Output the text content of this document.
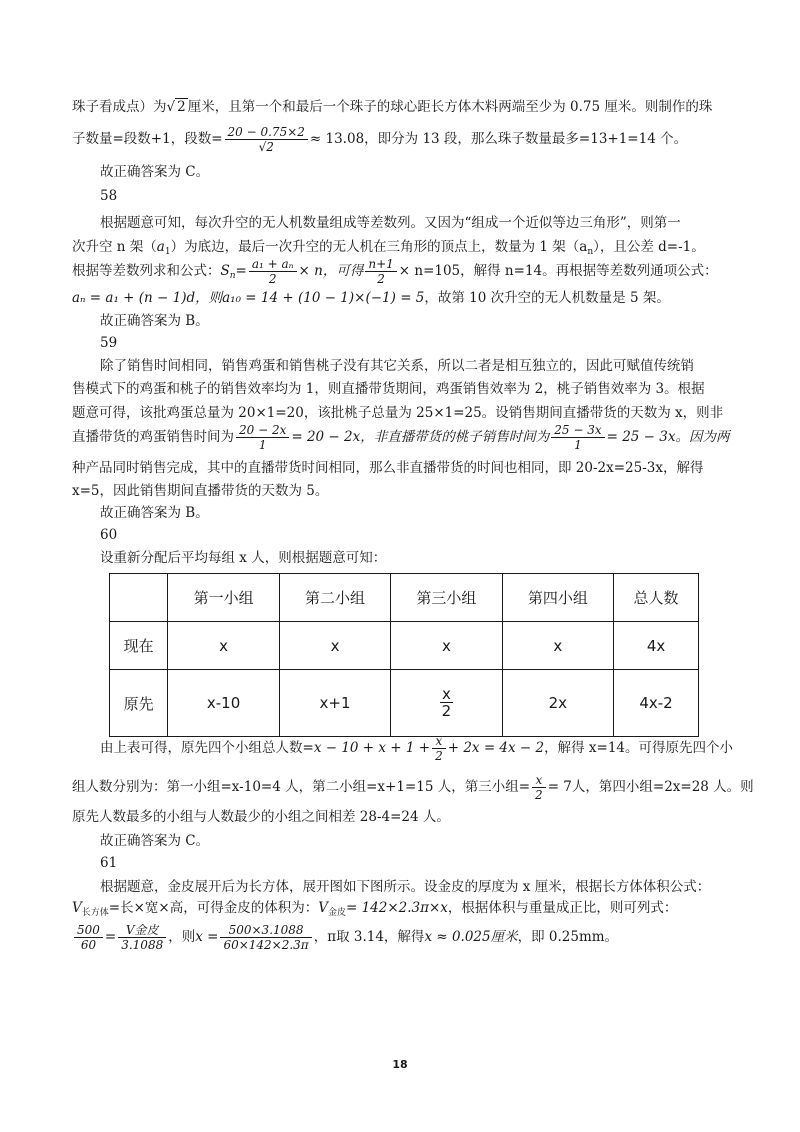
珠子看成点）为√ 2 厘米，且第一个和最后一个珠子的球心距长方体木料两端至少为 0.75 厘米。则制作的珠
子数量=段数+1，段数= $\frac{20 - 0.75\times 2}{√2} \approx 13.08$，即分为 13 段，那么珠子数量最多=13+1=14 个。
故正确答案为 C。
58
根据题意可知，每次升空的无人机数量组成等差数列。又因为“组成一个近似等边三角形”，则第一
次升空 n 架$(a_1)$为底边，最后一次升空的无人机在三角形的顶点上，数量为 1 架$(a_n)$，且公差 d=-1。
根据等差数列求和公式：$S_n= \frac{\text{a₁ + aₙ}}{2} \times n$，可得 $\frac{n+1}{2} \times n=105$，解得 n=14。再根据等差数列通项公式：
aₙ = a₁ + (n − 1)d，则a₁₀ = 14 + (10 − 1)×(−1) = 5，故第 10 次升空的无人机数量是 5 架。
故正确答案为 B。
59
除了销售时间相同，销售鸡蛋和销售桃子没有其它关系，所以二者是相互独立的，因此可赋值传统销
售模式下的鸡蛋和桃子的销售效率均为 1，则直播带货期间，鸡蛋销售效率为 2，桃子销售效率为 3。根据
题意可得，该批鸡蛋总量为 20×1=20，该批桃子总量为 25×1=25。设销售期间直播带货的天数为 x，则非
直播带货的鸡蛋销售时间为 $\frac{20 - 2x}{1} = 20 - 2x$，非直播带货的桃子销售时间为 $\frac{25 - 3x}{1} = 25 - 3x$。因为两
种产品同时销售完成，其中的直播带货时间相同，那么非直播带货的时间也相同，即 20-2x=25-3x，解得
x=5，因此销售期间直播带货的天数为 5。
故正确答案为 B。
60
设重新分配后平均每组 x 人，则根据题意可知：
	第一小组	第二小组	第三小组	第四小组	总人数
现在	x	x	x	x	4x
原先	x-10	x+1	$\frac{x}{2}$	2x	4x-2
由上表可得，原先四个小组总人数$=x - 10 + x + 1 + \frac{x}{2} + 2x = 4x - 2$，解得 x=14。可得原先四个小
组人数分别为：第一小组=x-10=4 人，第二小组=x+1=15 人，第三小组= $\frac{x}{2} = 7$人，第四小组=2x=28 人。则
原先人数最多的小组与人数最少的小组之间相差 28-4=24 人。
故正确答案为 C。
61
根据题意，金皮展开后为长方体，展开图如下图所示。设金皮的厚度为 x 厘米，根据长方体体积公式：
$V_{长方体}=$长×宽×高，可得金皮的体积为：$V_{金皮}= 142\times 2.3\pi\times x$，根据体积与重量成正比，则可列式：
$\frac{500}{60} = \frac{\text{V金皮}}{3.1088}$ ，则$x = \frac{500\times 3.1088}{60\times 142\times 2.3\pi}$ ，π取 3.14，解得x ≈ 0.025厘米，即 0.25mm。
18
